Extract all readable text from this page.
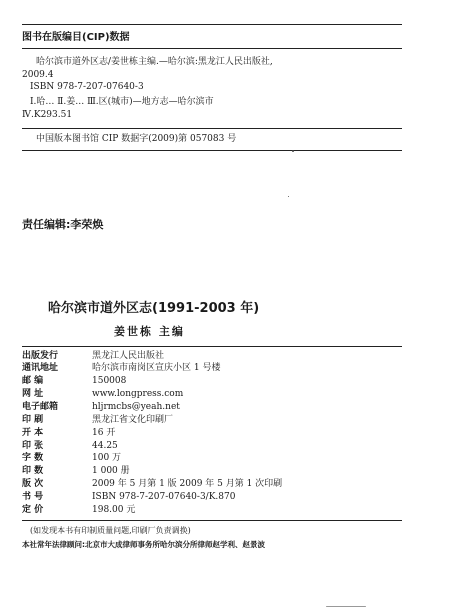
图书在版编目(CIP)数据
哈尔滨市道外区志/姜世栋主编.—哈尔滨:黑龙江人民出版社,
2009.4
ISBN 978-7-207-07640-3
Ⅰ.哈… Ⅱ.姜… Ⅲ.区(城市)—地方志—哈尔滨市
Ⅳ.K293.51
中国版本图书馆 CIP 数据字(2009)第 057083 号
责任编辑:李荣焕
哈尔滨市道外区志(1991-2003 年)
姜世栋 主编
出版发行	黑龙江人民出版社
通讯地址	哈尔滨市南岗区宣庆小区 1 号楼
邮 编	150008
网 址	www.longpress.com
电子邮箱	hljrmcbs@yeah.net
印 刷	黑龙江省文化印刷厂
开 本	16 开
印 张	44.25
字 数	100 万
印 数	1 000 册
版 次	2009 年 5 月第 1 版 2009 年 5 月第 1 次印刷
书 号	ISBN 978-7-207-07640-3/K.870
定 价	198.00 元
(如发现本书有印制质量问题,印刷厂负责调换)
本社常年法律顾问:北京市大成律师事务所哈尔滨分所律师赵学利、赵景波
